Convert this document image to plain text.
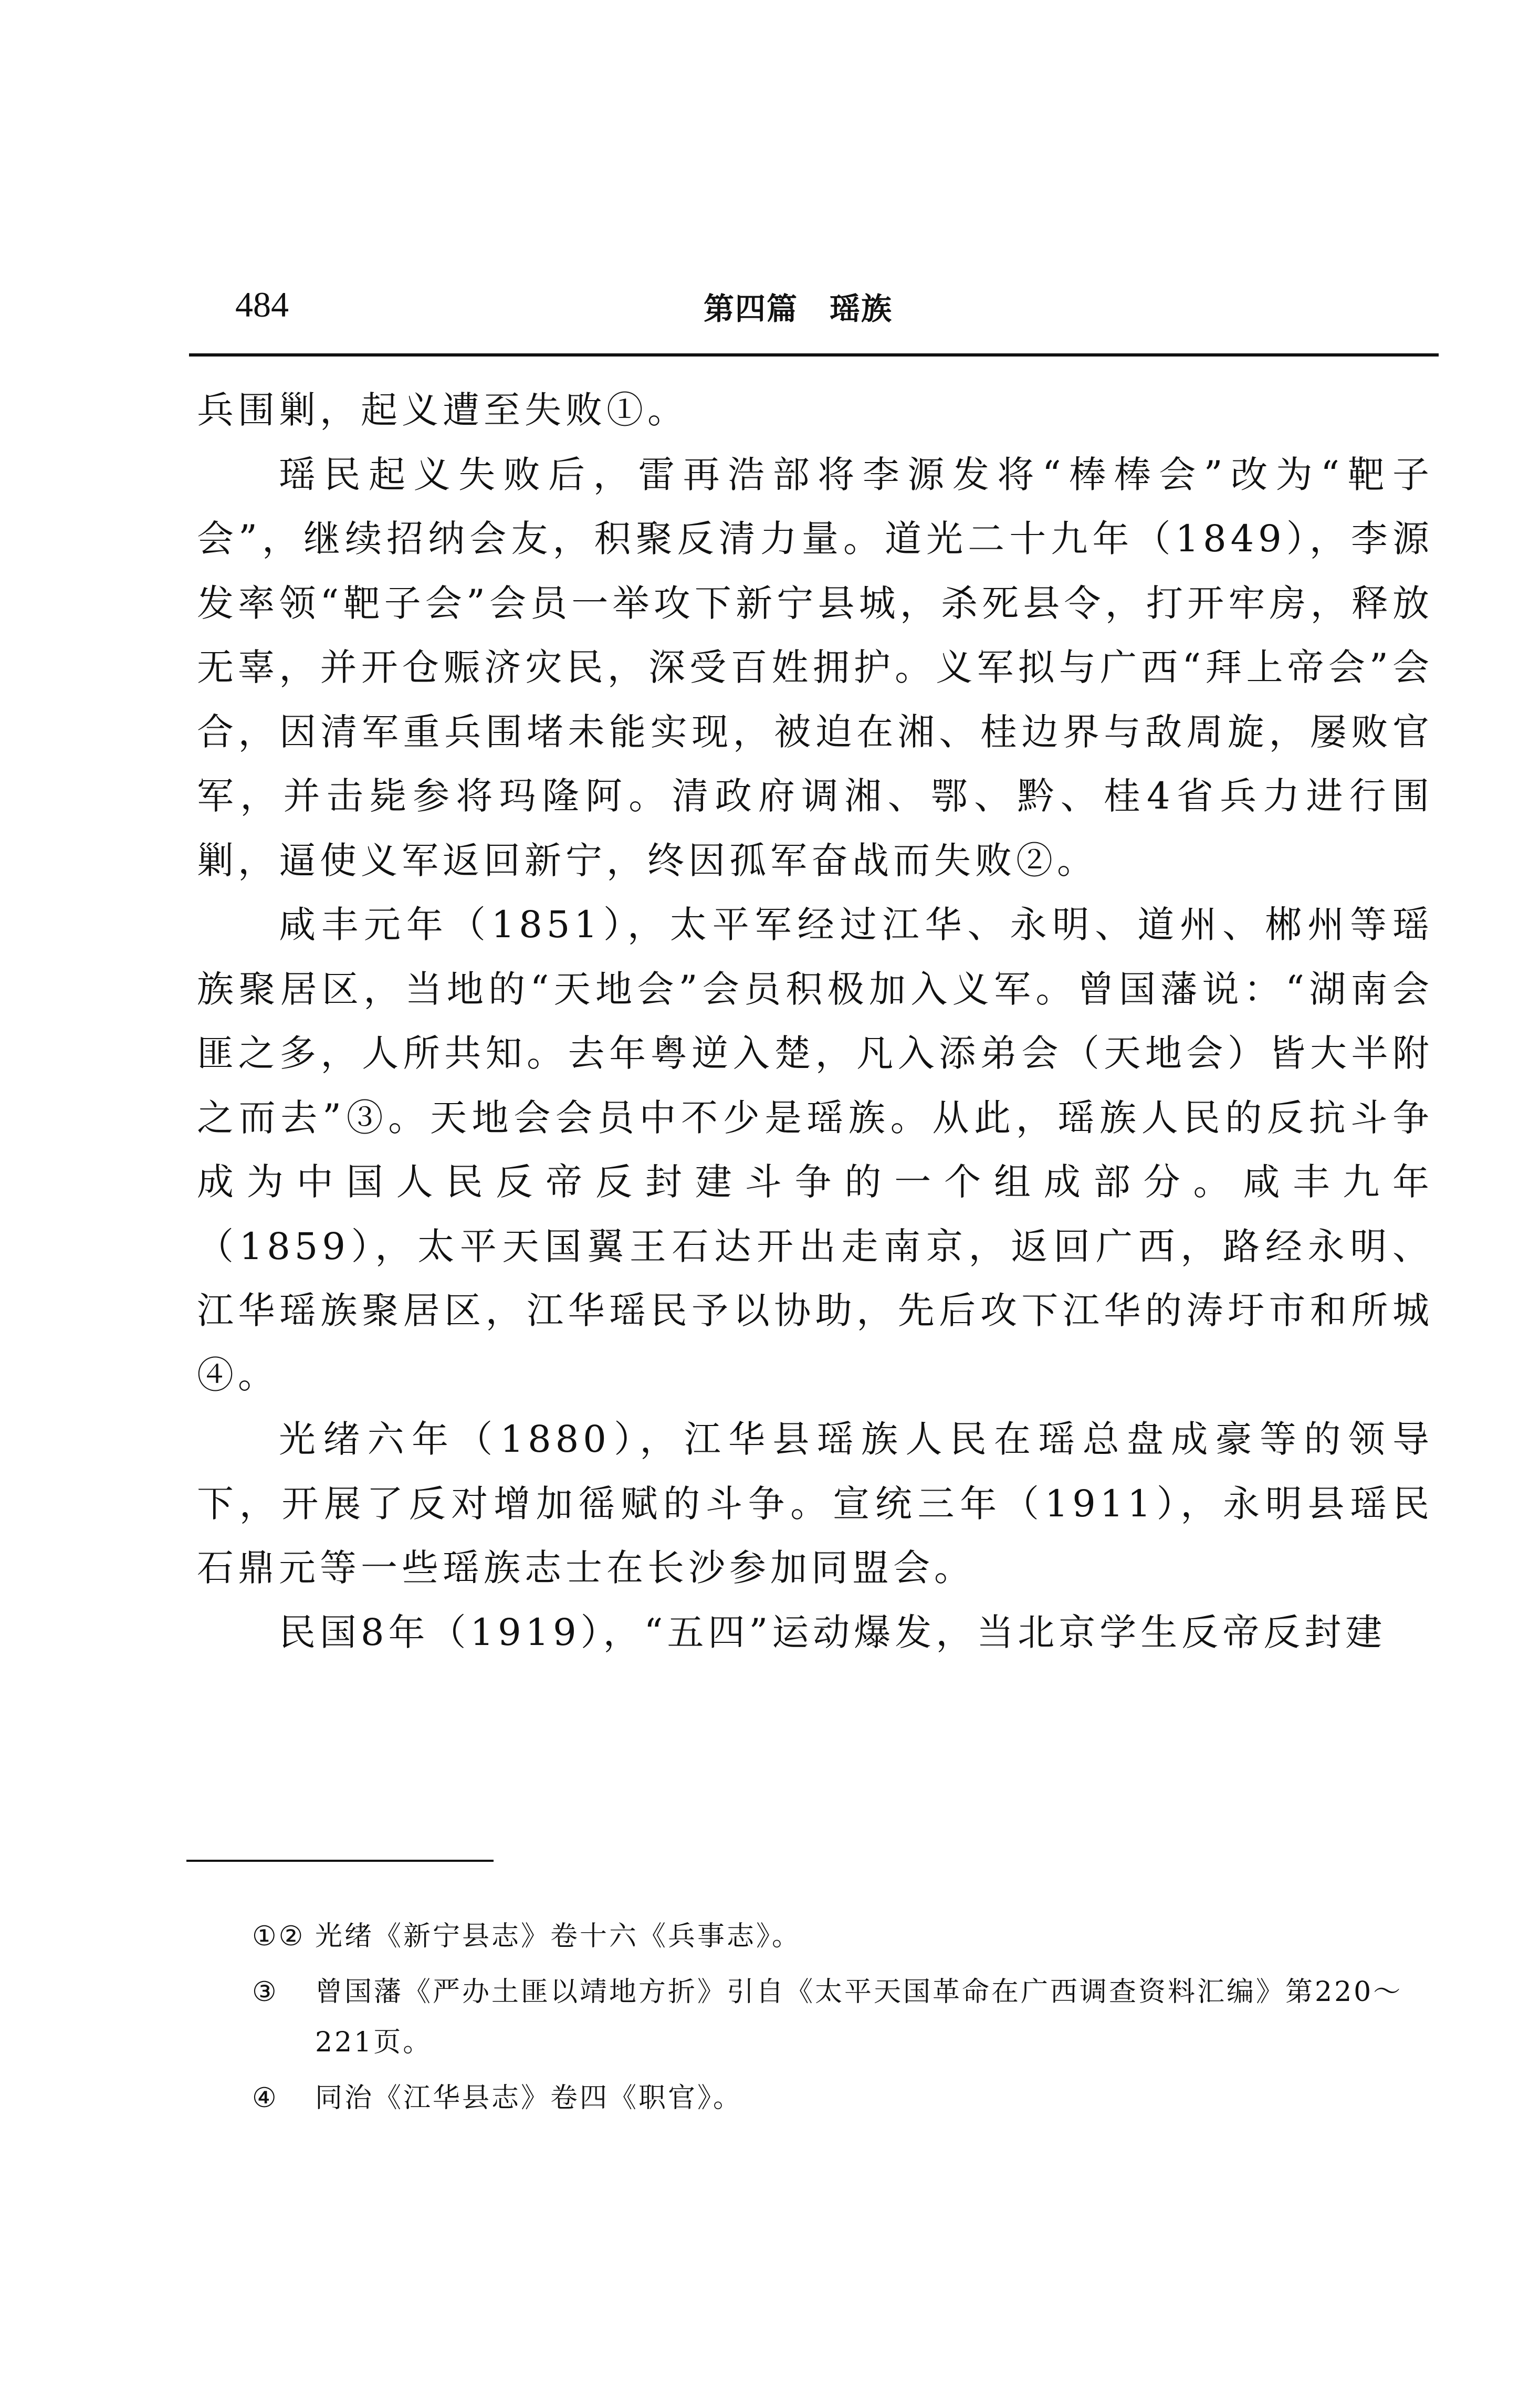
484	第四篇　瑶族

兵围剿，起义遭至失败①。

瑶民起义失败后，雷再浩部将李源发将“棒棒会”改为“靶子会”，继续招纳会友，积聚反清力量。道光二十九年（1849），李源发率领“靶子会”会员一举攻下新宁县城，杀死县令，打开牢房，释放无辜，并开仓赈济灾民，深受百姓拥护。义军拟与广西“拜上帝会”会合，因清军重兵围堵未能实现，被迫在湘、桂边界与敌周旋，屡败官军，并击毙参将玛隆阿。清政府调湘、鄂、黔、桂4省兵力进行围剿，逼使义军返回新宁，终因孤军奋战而失败②。

咸丰元年（1851），太平军经过江华、永明、道州、郴州等瑶族聚居区，当地的“天地会”会员积极加入义军。曾国藩说：“湖南会匪之多，人所共知。去年粤逆入楚，凡入添弟会（天地会）皆大半附之而去”③。天地会会员中不少是瑶族。从此，瑶族人民的反抗斗争成为中国人民反帝反封建斗争的一个组成部分。咸丰九年（1859），太平天国翼王石达开出走南京，返回广西，路经永明、江华瑶族聚居区，江华瑶民予以协助，先后攻下江华的涛圩市和所城④。

光绪六年（1880），江华县瑶族人民在瑶总盘成豪等的领导下，开展了反对增加徭赋的斗争。宣统三年（1911），永明县瑶民石鼎元等一些瑶族志士在长沙参加同盟会。

民国8年（1919），“五四”运动爆发，当北京学生反帝反封建

①② 光绪《新宁县志》卷十六《兵事志》。
③ 曾国藩《严办土匪以靖地方折》引自《太平天国革命在广西调查资料汇编》第220～221页。
④ 同治《江华县志》卷四《职官》。
